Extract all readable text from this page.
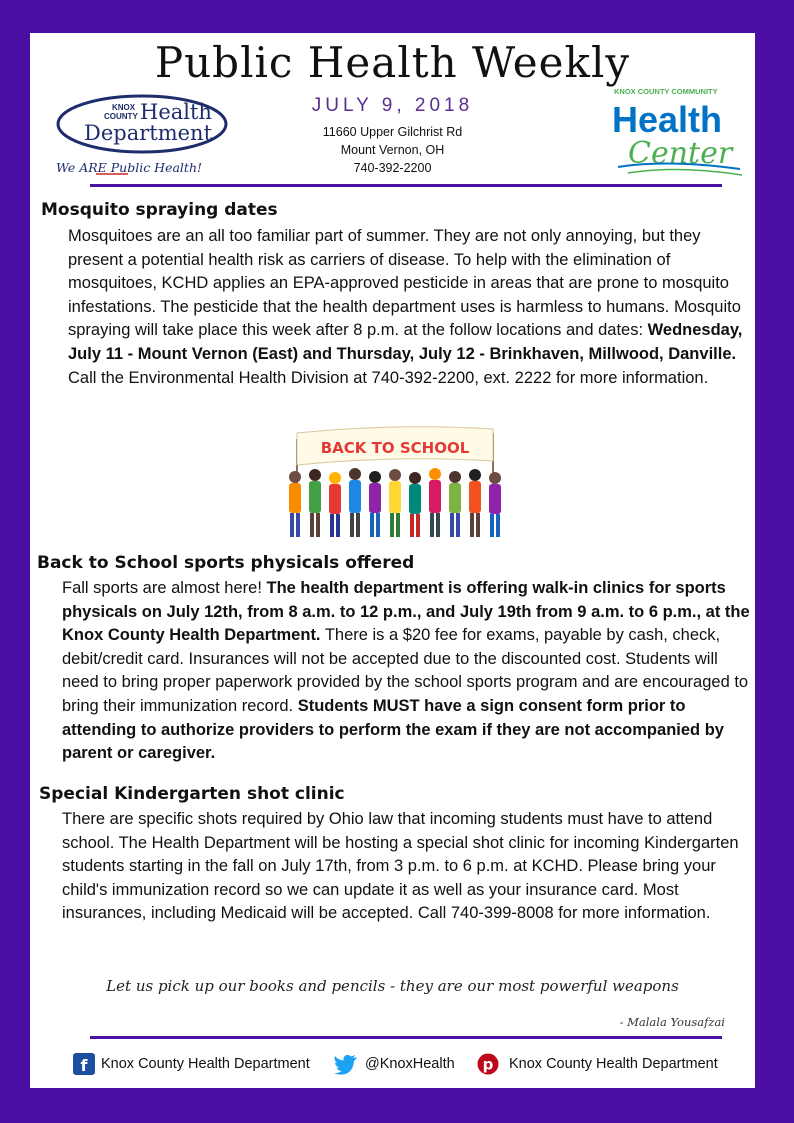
Public Health Weekly
KNOX
COUNTY Health
Department
We ARE Public Health!
JULY 9, 2018
11660 Upper Gilchrist Rd
Mount Vernon, OH
740-392-2200
KNOX COUNTY COMMUNITY
Health
Center
Mosquito spraying dates
Mosquitoes are an all too familiar part of summer. They are not only annoying, but they present a potential health risk as carriers of disease. To help with the elimination of mosquitoes, KCHD applies an EPA-approved pesticide in areas that are prone to mosquito infestations. The pesticide that the health department uses is harmless to humans. Mosquito spraying will take place this week after 8 p.m. at the follow locations and dates: Wednesday, July 11 - Mount Vernon (East) and Thursday, July 12 - Brinkhaven, Millwood, Danville. Call the Environmental Health Division at 740-392-2200, ext. 2222 for more information.
BACK TO SCHOOL
Back to School sports physicals offered
Fall sports are almost here! The health department is offering walk-in clinics for sports physicals on July 12th, from 8 a.m. to 12 p.m., and July 19th from 9 a.m. to 6 p.m., at the Knox County Health Department. There is a $20 fee for exams, payable by cash, check, debit/credit card. Insurances will not be accepted due to the discounted cost. Students will need to bring proper paperwork provided by the school sports program and are encouraged to bring their immunization record. Students MUST have a sign consent form prior to attending to authorize providers to perform the exam if they are not accompanied by parent or caregiver.
Special Kindergarten shot clinic
There are specific shots required by Ohio law that incoming students must have to attend school. The Health Department will be hosting a special shot clinic for incoming Kindergarten students starting in the fall on July 17th, from 3 p.m. to 6 p.m. at KCHD. Please bring your child's immunization record so we can update it as well as your insurance card. Most insurances, including Medicaid will be accepted. Call 740-399-8008 for more information.
Let us pick up our books and pencils - they are our most powerful weapons
- Malala Yousafzai
f Knox County Health Department	@KnoxHealth p Knox County Health Department
